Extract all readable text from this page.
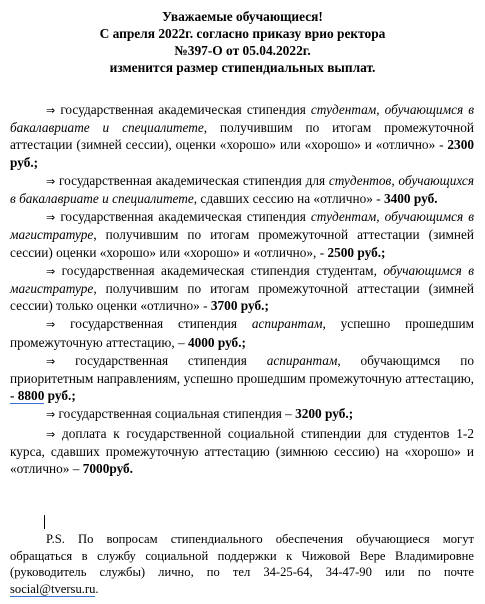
Уважаемые обучающиеся!
С апреля 2022г. согласно приказу врио ректора
№397-О от 05.04.2022г.
изменится размер стипендиальных выплат.

⇒ государственная академическая стипендия студентам, обучающимся в бакалавриате и специалитете, получившим по итогам промежуточной аттестации (зимней сессии), оценки «хорошо» или «хорошо» и «отлично» - 2300 руб.;

⇒ государственная академическая стипендия для студентов, обучающихся в бакалавриате и специалитете, сдавших сессию на «отлично» - 3400 руб.

⇒ государственная академическая стипендия студентам, обучающимся в магистратуре, получившим по итогам промежуточной аттестации (зимней сессии) оценки «хорошо» или «хорошо» и «отлично», - 2500 руб.;

⇒ государственная академическая стипендия студентам, обучающимся в магистратуре, получившим по итогам промежуточной аттестации (зимней сессии) только оценки «отлично» - 3700 руб.;

⇒ государственная стипендия аспирантам, успешно прошедшим промежуточную аттестацию, – 4000 руб.;

⇒ государственная стипендия аспирантам, обучающимся по приоритетным направлениям, успешно прошедшим промежуточную аттестацию, - 8800 руб.;

⇒ государственная социальная стипендия – 3200 руб.;

⇒ доплата к государственной социальной стипендии для студентов 1-2 курса, сдавших промежуточную аттестацию (зимнюю сессию) на «хорошо» и «отлично» – 7000руб.

P.S. По вопросам стипендиального обеспечения обучающиеся могут обращаться в службу социальной поддержки к Чижовой Вере Владимировне (руководитель службы) лично, по тел 34-25-64, 34-47-90 или по почте social@tversu.ru.
